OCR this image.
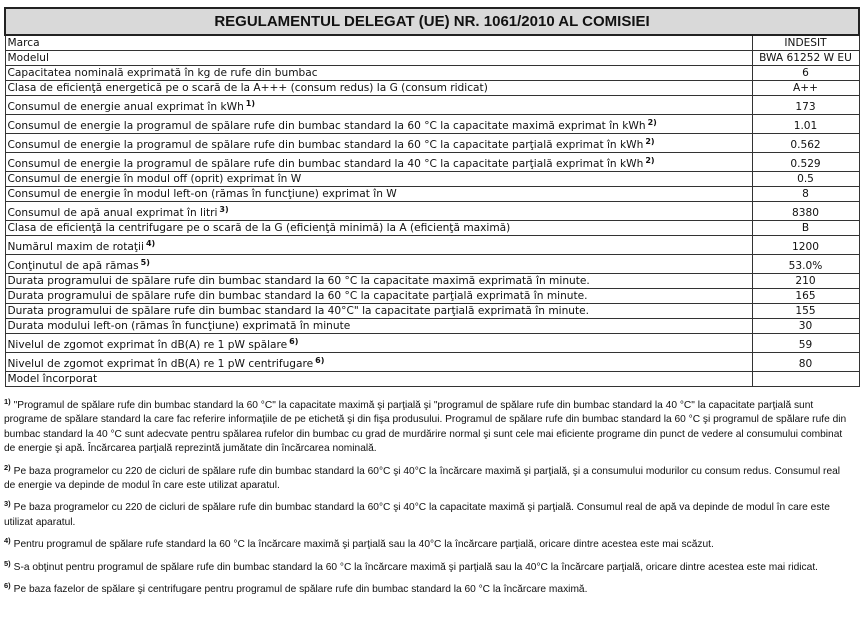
REGULAMENTUL DELEGAT (UE) NR. 1061/2010 AL COMISIEI	
Marca	INDESIT
Modelul	BWA 61252 W EU
Capacitatea nominală exprimată în kg de rufe din bumbac	6
Clasa de eficienţă energetică pe o scară de la A+++ (consum redus) la G (consum ridicat)	A++
Consumul de energie anual exprimat în kWh $^{1)}$	173
Consumul de energie la programul de spălare rufe din bumbac standard la 60 °C la capacitate maximă exprimat în kWh $^{2)}$	1.01
Consumul de energie la programul de spălare rufe din bumbac standard la 60 °C la capacitate parţială exprimat în kWh $^{2)}$	0.562
Consumul de energie la programul de spălare rufe din bumbac standard la 40 °C la capacitate parţială exprimat în kWh $^{2)}$	0.529
Consumul de energie în modul off (oprit) exprimat în W	0.5
Consumul de energie în modul left-on (rămas în funcţiune) exprimat în W	8
Consumul de apă anual exprimat în litri $^{3)}$	8380
Clasa de eficienţă la centrifugare pe o scară de la G (eficienţă minimă) la A (eficienţă maximă)	B
Numărul maxim de rotaţii $^{4)}$	1200
Conţinutul de apă rămas $^{5)}$	53.0%
Durata programului de spălare rufe din bumbac standard la 60 °C la capacitate maximă exprimată în minute.	210
Durata programului de spălare rufe din bumbac standard la 60 °C la capacitate parţială exprimată în minute.	165
Durata programului de spălare rufe din bumbac standard la 40°C" la capacitate parţială exprimată în minute.	155
Durata modului left-on (rămas în funcţiune) exprimată în minute	30
Nivelul de zgomot exprimat în dB(A) re 1 pW spălare $^{6)}$	59
Nivelul de zgomot exprimat în dB(A) re 1 pW centrifugare $^{6)}$	80
Model încorporat	
$^{1)}$ "Programul de spălare rufe din bumbac standard la 60 °C" la capacitate maximă şi parţială şi "programul de spălare rufe din bumbac standard la 40 °C" la capacitate parţială sunt programe de spălare standard la care fac referire informaţiile de pe etichetă şi din fişa produsului. Programul de spălare rufe din bumbac standard la 60 °C şi programul de spălare rufe din bumbac standard la 40 °C sunt adecvate pentru spălarea rufelor din bumbac cu grad de murdărire normal şi sunt cele mai eficiente programe din punct de vedere al consumului combinat de energie şi apă. Încărcarea parţială reprezintă jumătate din încărcarea nominală.
$^{2)}$ Pe baza programelor cu 220 de cicluri de spălare rufe din bumbac standard la 60°C şi 40°C la încărcare maximă şi parţială, şi a consumului modurilor cu consum redus. Consumul real de energie va depinde de modul în care este utilizat aparatul.
$^{3)}$ Pe baza programelor cu 220 de cicluri de spălare rufe din bumbac standard la 60°C şi 40°C la capacitate maximă şi parţială. Consumul real de apă va depinde de modul în care este utilizat aparatul.
$^{4)}$ Pentru programul de spălare rufe standard la 60 °C la încărcare maximă şi parţială sau la 40°C la încărcare parţială, oricare dintre acestea este mai scăzut.
$^{5)}$ S-a obţinut pentru programul de spălare rufe din bumbac standard la 60 °C la încărcare maximă şi parţială sau la 40°C la încărcare parţială, oricare dintre acestea este mai ridicat.
$^{6)}$ Pe baza fazelor de spălare şi centrifugare pentru programul de spălare rufe din bumbac standard la 60 °C la încărcare maximă.
